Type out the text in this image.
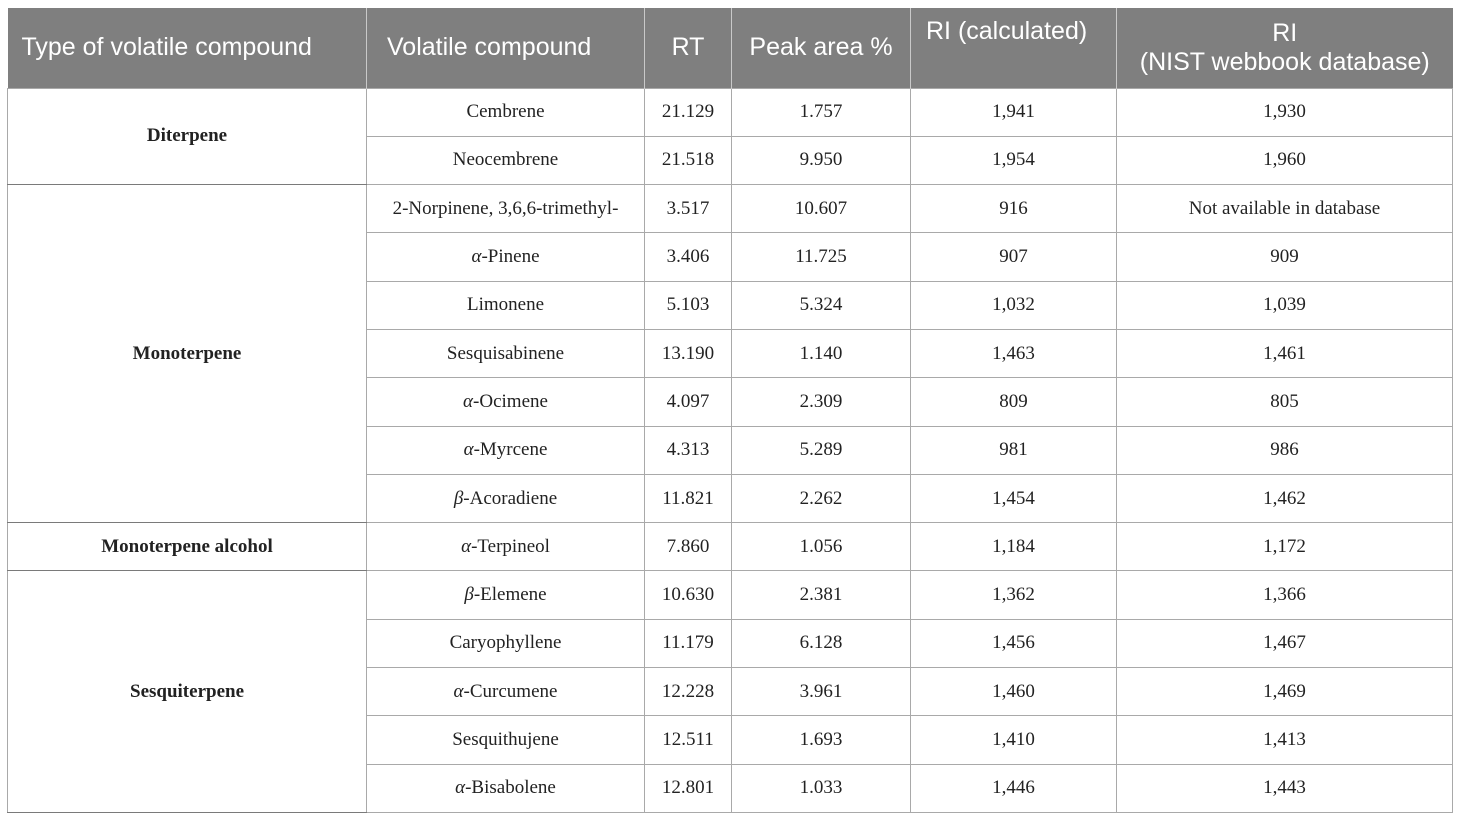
Type of volatile compound	Volatile compound	RT	Peak area %	RI (calculated)	RI
(NIST webbook database)

Diterpene	Cembrene	21.129	1.757	1,941	1,930
	Neocembrene	21.518	9.950	1,954	1,960
Monoterpene	2-Norpinene, 3,6,6-trimethyl-	3.517	10.607	916	Not available in database
	α-Pinene	3.406	11.725	907	909
	Limonene	5.103	5.324	1,032	1,039
	Sesquisabinene	13.190	1.140	1,463	1,461
	α-Ocimene	4.097	2.309	809	805
	α-Myrcene	4.313	5.289	981	986
	β-Acoradiene	11.821	2.262	1,454	1,462
Monoterpene alcohol	α-Terpineol	7.860	1.056	1,184	1,172
Sesquiterpene	β-Elemene	10.630	2.381	1,362	1,366
	Caryophyllene	11.179	6.128	1,456	1,467
	α-Curcumene	12.228	3.961	1,460	1,469
	Sesquithujene	12.511	1.693	1,410	1,413
	α-Bisabolene	12.801	1.033	1,446	1,443
